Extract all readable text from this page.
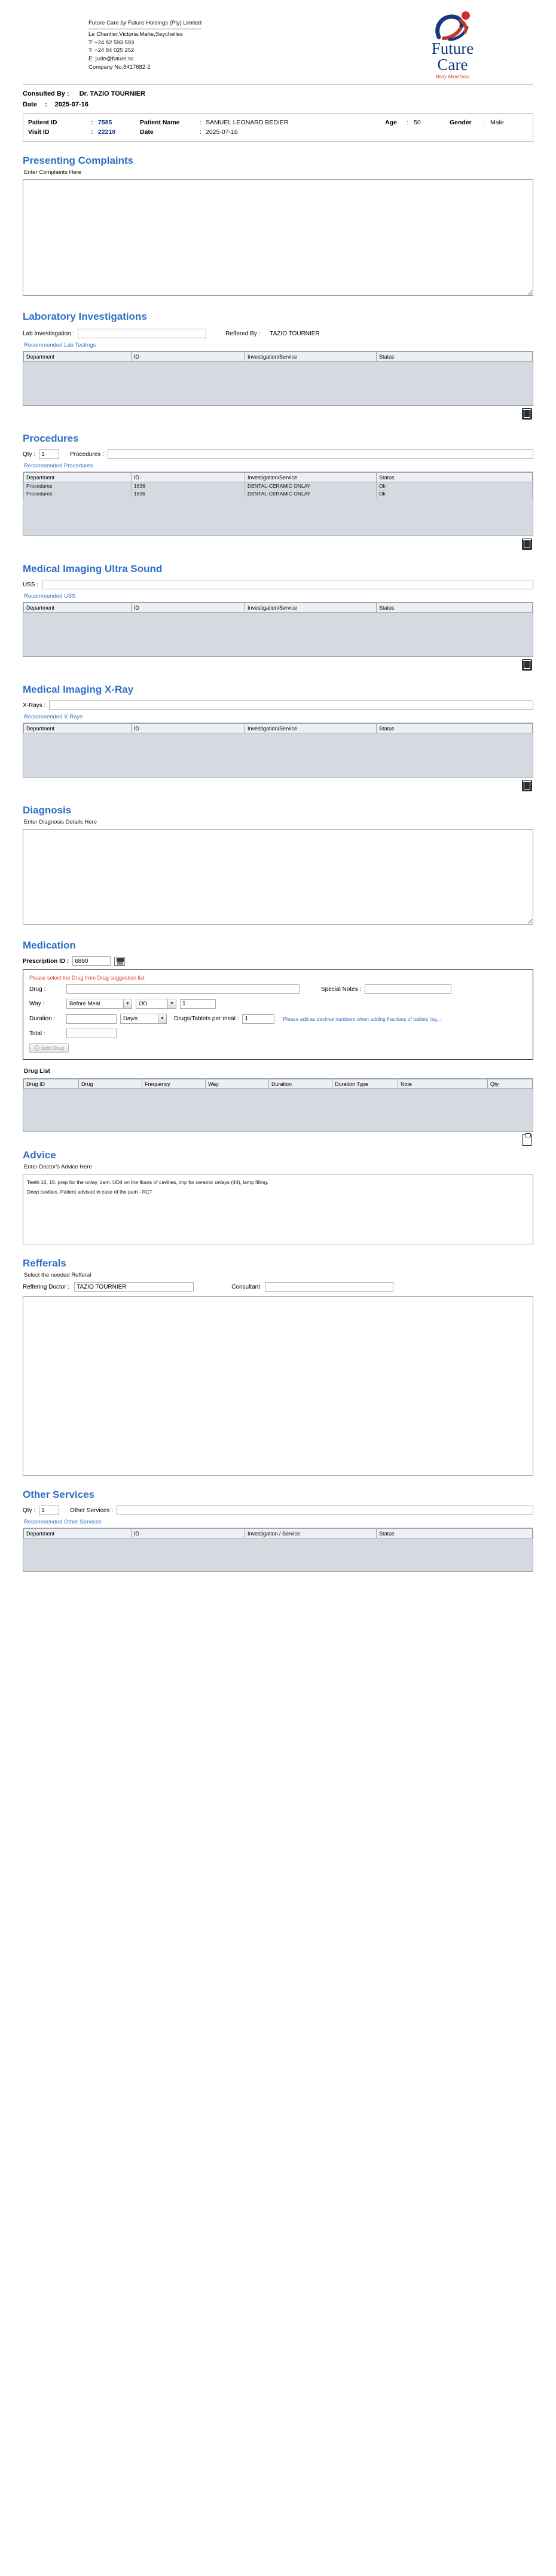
Future Care by Future Holdings (Pty) Limited
Le Chantier,Victoria,Mahe,Seychelles
T: +24 82 593 593
T: +24 84 025 252
E: jude@future.sc
Company No.8417682-2
Future
Care
Body Mind Soul
Consulted By : Dr. TAZIO TOURNIER
Date : 2025-07-16
Patient ID	: 7585	Patient Name	: SAMUEL LEONARD BEDIER	Age	: 50	Gender	: Male
Visit ID	: 22218	Date	: 2025-07-16
Presenting Complaints
Enter Complaints Here
Laboratory Investigations
Lab Investisgation :	Reffered By : TAZIO TOURNIER
Recommended Lab Testings
Department	ID	Investigation/Service	Status
Procedures
Qty :
1	Procedures :
Recommended Procedures
Department	ID	Investigation/Service	Status
Procedures	1636	DENTAL-CERAMIC ONLAY	Ok
Procedures	1636	DENTAL-CERAMIC ONLAY	Ok
Medical Imaging Ultra Sound
USS :
Recommended USS
Department	ID	Investigation/Service	Status
Medical Imaging X-Ray
X-Rays :
Recommended X-Rays
Department	ID	Investigation/Service	Status
Diagnosis
Enter Diagnosis Details Here
Medication
Prescription ID :
6890
Please select the Drug from Drug suggestion list
Drug :	Special Notes :
Way :	Before Meal	▼	OD	▼
1
Duration :	Day/s	▼	Drugs/Tablets per meal :
1	Please add as decimal numbers when adding fractions of tablets (eg...
Total :
+ Add Drug
Drug List
Drug ID	Drug	Frequency	Way	Duration	Duration Type	Note	Qty
Advice
Enter Doctor's Advice Here
Teeth 16, 15: prep for the onlay, dam. UD4 on the floors of cavities, imp for ceramic onlays (44), lamp filling.
Deep cavities. Patient advised in case of the pain - RCT
Refferals
Select the needed Refferal
Reffering Doctor :
TAZIO TOURNIER	Consultant
Other Services
Qty :
1	Other Services :
Recommended Other Services
Department	ID	Investigation / Service	Status
